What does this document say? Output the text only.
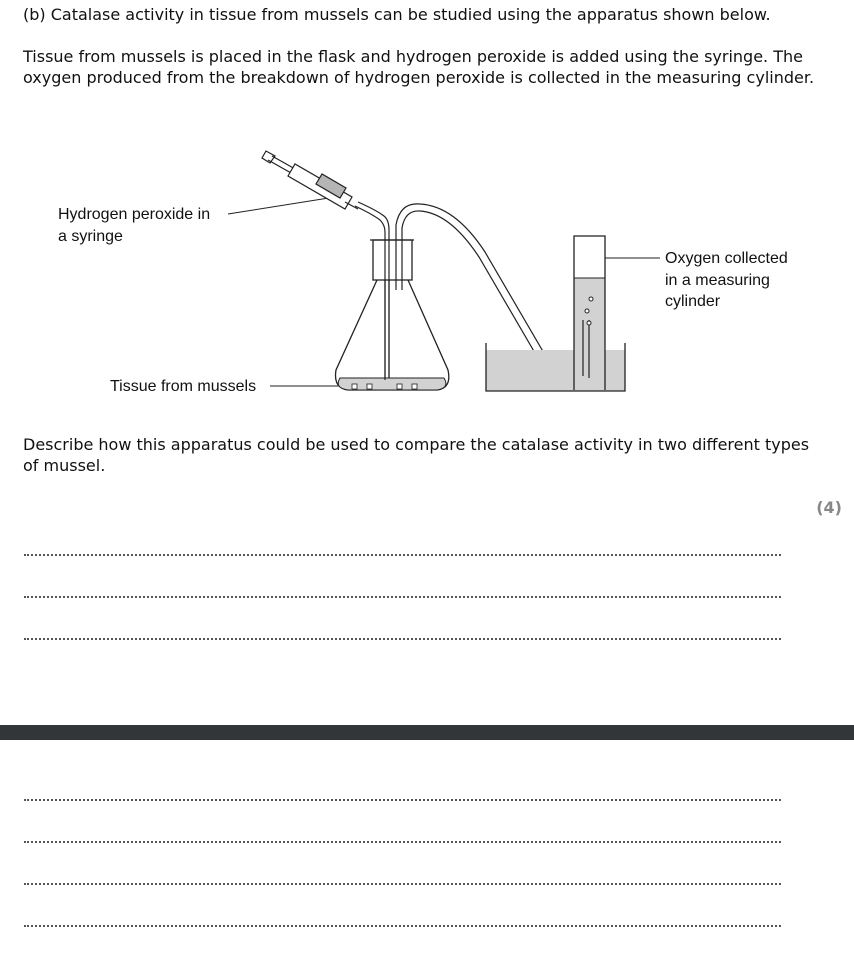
(b) Catalase activity in tissue from mussels can be studied using the apparatus shown below.

Tissue from mussels is placed in the flask and hydrogen peroxide is added using the syringe. The oxygen produced from the breakdown of hydrogen peroxide is collected in the measuring cylinder.

Hydrogen peroxide in
a syringe
Tissue from mussels
Oxygen collected
in a measuring
cylinder

Describe how this apparatus could be used to compare the catalase activity in two different types of mussel.

(4)
